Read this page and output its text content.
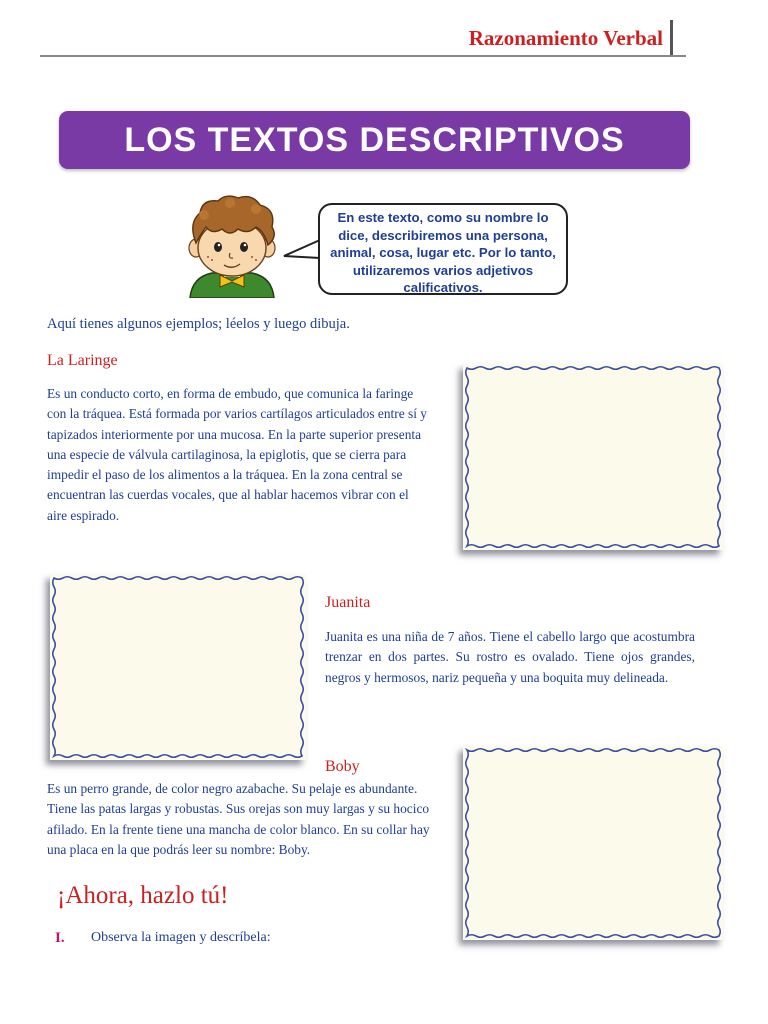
Razonamiento Verbal
LOS TEXTOS DESCRIPTIVOS
En este texto, como su nombre lo dice, describiremos una persona, animal, cosa, lugar etc. Por lo tanto, utilizaremos varios adjetivos calificativos.
Aquí tienes algunos ejemplos; léelos y luego dibuja.
La Laringe
Es un conducto corto, en forma de embudo, que comunica la faringe con la tráquea. Está formada por varios cartílagos articulados entre sí y tapizados interiormente por una mucosa. En la parte superior presenta una especie de válvula cartilaginosa, la epiglotis, que se cierra para impedir el paso de los alimentos a la tráquea. En la zona central se encuentran las cuerdas vocales, que al hablar hacemos vibrar con el aire espirado.
Juanita
Juanita es una niña de 7 años. Tiene el cabello largo que acostumbra trenzar en dos partes. Su rostro es ovalado. Tiene ojos grandes, negros y hermosos, nariz pequeña y una boquita muy delineada.
Boby
Es un perro grande, de color negro azabache. Su pelaje es abundante. Tiene las patas largas y robustas. Sus orejas son muy largas y su hocico afilado. En la frente tiene una mancha de color blanco. En su collar hay una placa en la que podrás leer su nombre: Boby.
¡Ahora, hazlo tú!
I. Observa la imagen y descríbela:
